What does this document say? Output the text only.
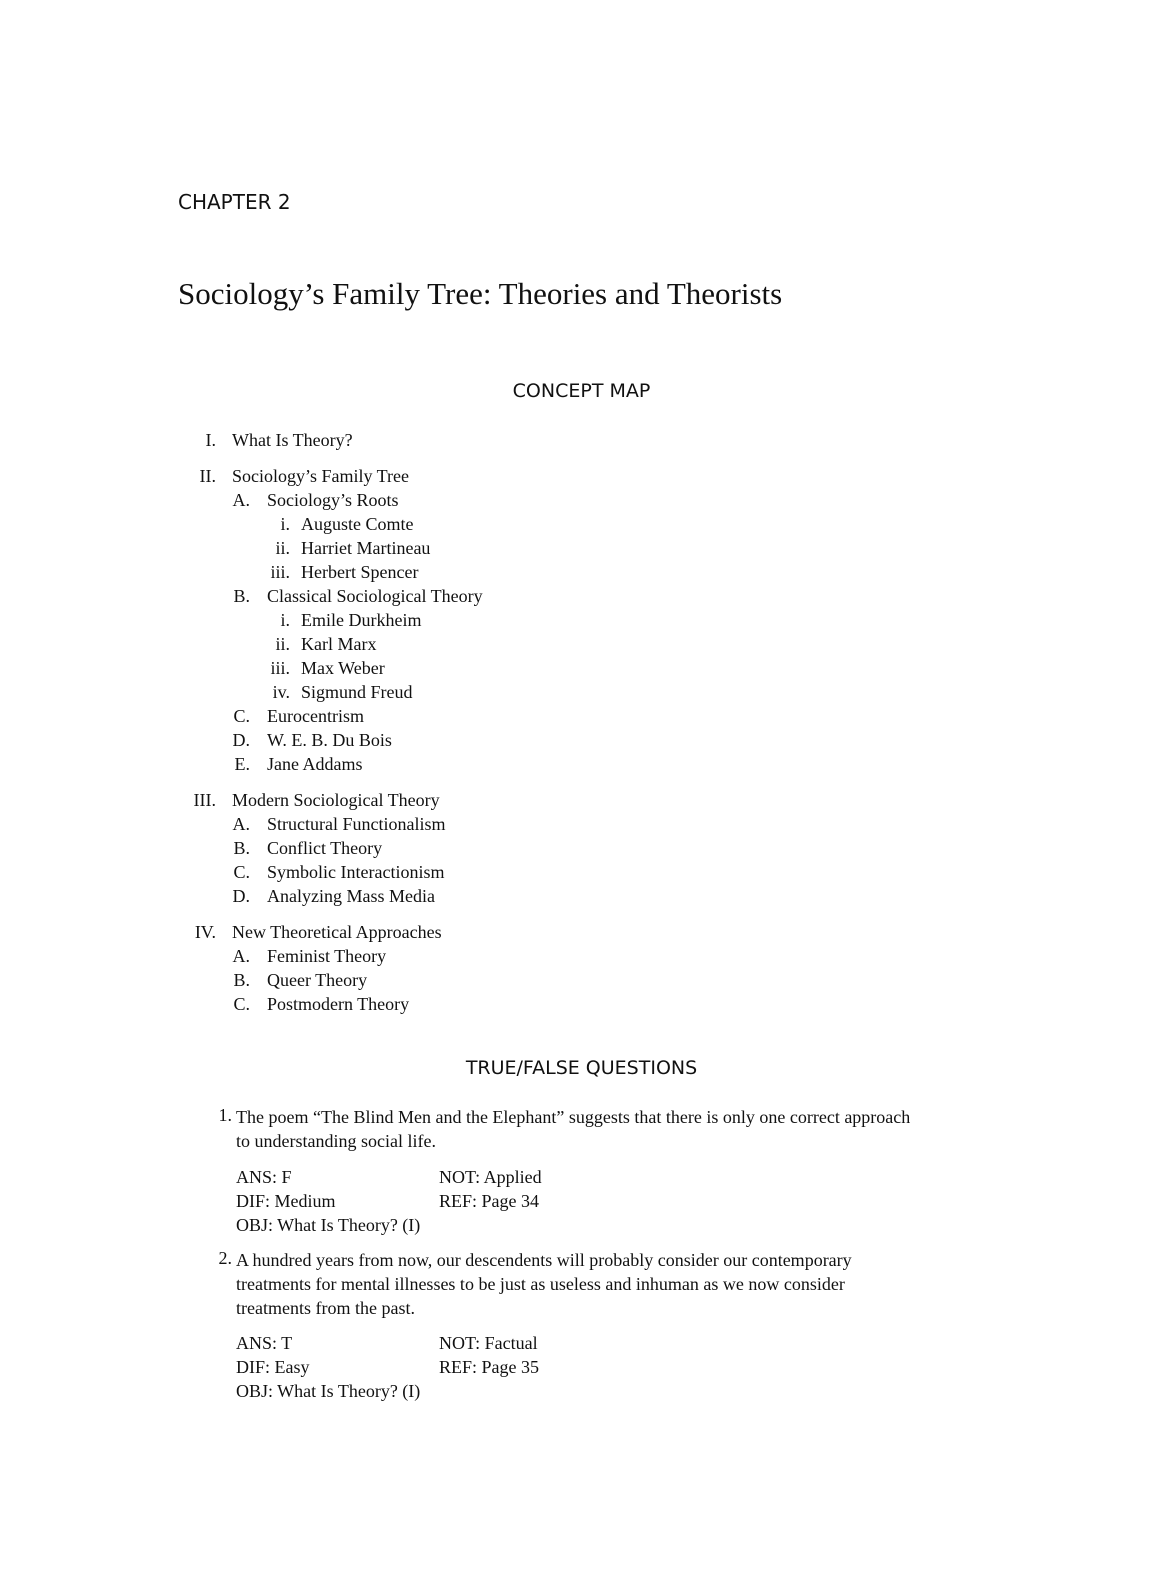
CHAPTER 2
Sociology’s Family Tree: Theories and Theorists
CONCEPT MAP
I. What Is Theory?
II. Sociology’s Family Tree
A. Sociology’s Roots
i. Auguste Comte
ii. Harriet Martineau
iii. Herbert Spencer
B. Classical Sociological Theory
i. Emile Durkheim
ii. Karl Marx
iii. Max Weber
iv. Sigmund Freud
C. Eurocentrism
D. W. E. B. Du Bois
E. Jane Addams
III. Modern Sociological Theory
A. Structural Functionalism
B. Conflict Theory
C. Symbolic Interactionism
D. Analyzing Mass Media
IV. New Theoretical Approaches
A. Feminist Theory
B. Queer Theory
C. Postmodern Theory
TRUE/FALSE QUESTIONS
1. The poem “The Blind Men and the Elephant” suggests that there is only one correct approach
to understanding social life.
ANS: F	NOT: Applied
DIF: Medium	REF: Page 34
OBJ: What Is Theory? (I)
2. A hundred years from now, our descendents will probably consider our contemporary
treatments for mental illnesses to be just as useless and inhuman as we now consider
treatments from the past.
ANS: T	NOT: Factual
DIF: Easy	REF: Page 35
OBJ: What Is Theory? (I)
